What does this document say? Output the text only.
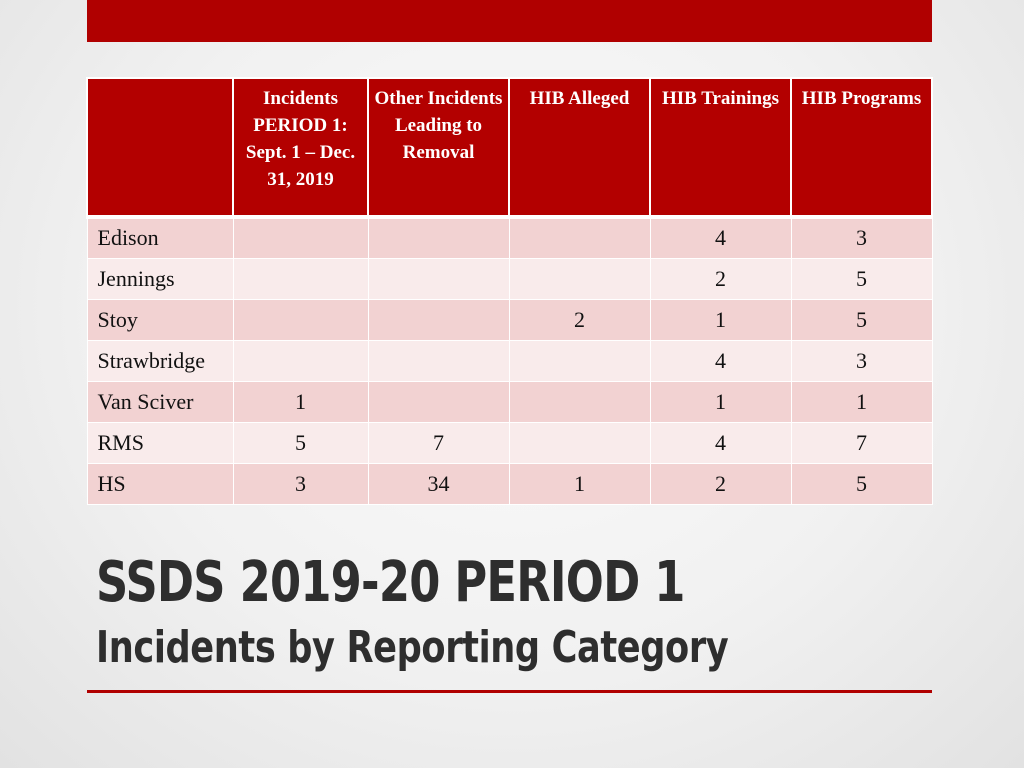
	Incidents PERIOD 1: Sept. 1 – Dec. 31, 2019	Other Incidents Leading to Removal	HIB Alleged	HIB Trainings	HIB Programs
Edison				4	3
Jennings				2	5
Stoy			2	1	5
Strawbridge				4	3
Van Sciver	1			1	1
RMS	5	7		4	7
HS	3	34	1	2	5
SSDS 2019-20 PERIOD 1
Incidents by Reporting Category
